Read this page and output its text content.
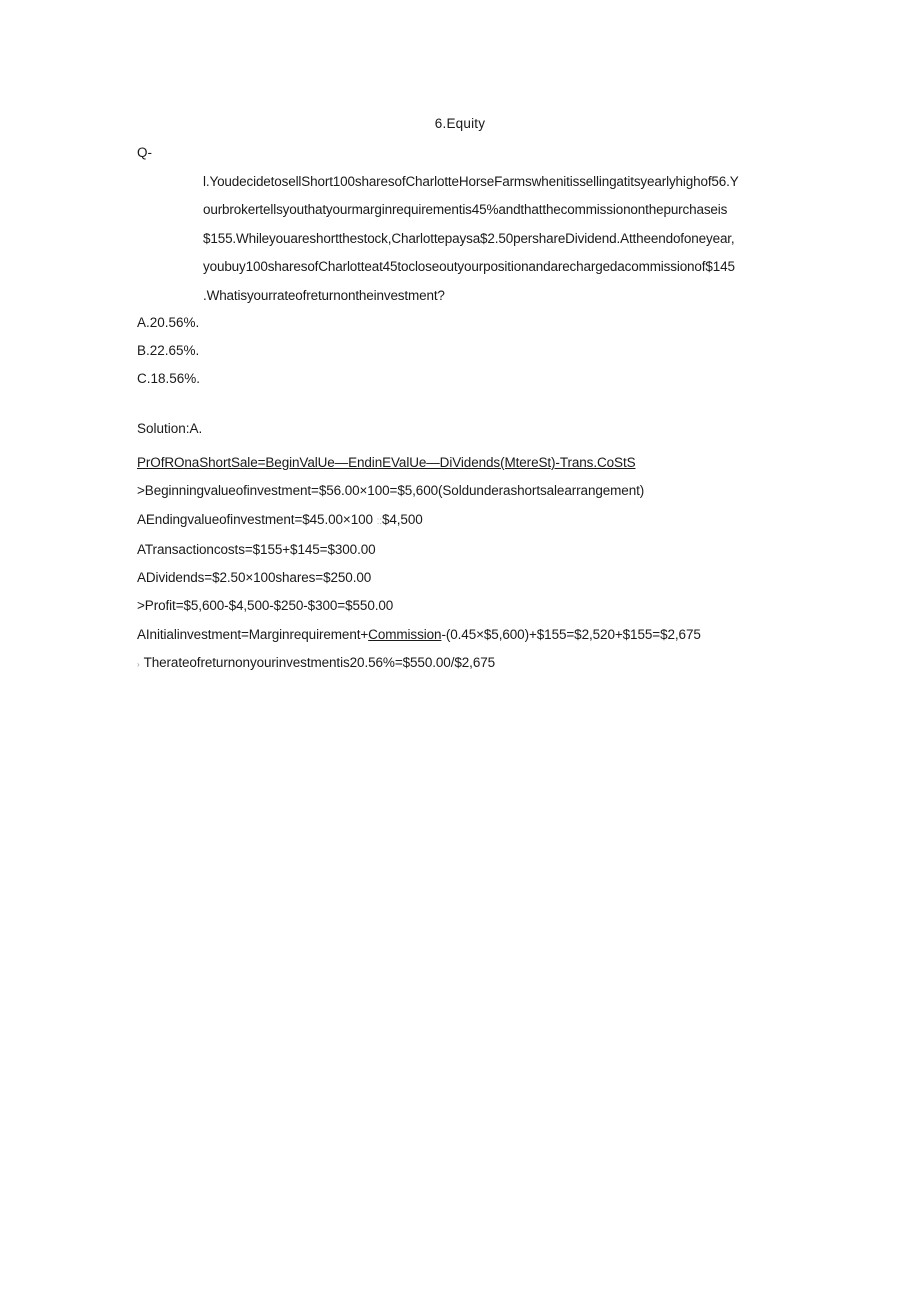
6.Equity
Q-
l.YoudecidetosellShort100sharesofCharlotteHorseFarmswhenitissellingatitsyearlyhighof56.Y
ourbrokertellsyouthatyourmarginrequirementis45%andthatthecommissiononthepurchaseis
$155.Whileyouareshortthestock,Charlottepaysa$2.50pershareDividend.Attheendofoneyear,
youbuy100sharesofCharlotteat45tocloseoutyourpositionandarechargedacommissionof$145
.Whatisyourrateofreturnontheinvestment?
A.20.56%.
B.22.65%.
C.18.56%.
Solution:A.
PrOfROnaShortSale=BeginValUe—EndinEValUe—DiVidends(MtereSt)-Trans.CoStS
>Beginningvalueofinvestment=$56.00×100=$5,600(Soldunderashortsalearrangement)
AEndingvalueofinvestment=$45.00×100 ::$4,500
ATransactioncosts=$155+$145=$300.00
ADividends=$2.50×100shares=$250.00
>Profit=$5,600-$4,500-$250-$300=$550.00
AInitialinvestment=Marginrequirement+Commission-(0.45×$5,600)+$155=$2,520+$155=$2,675
› Therateofreturnonyourinvestmentis20.56%=$550.00/$2,675
